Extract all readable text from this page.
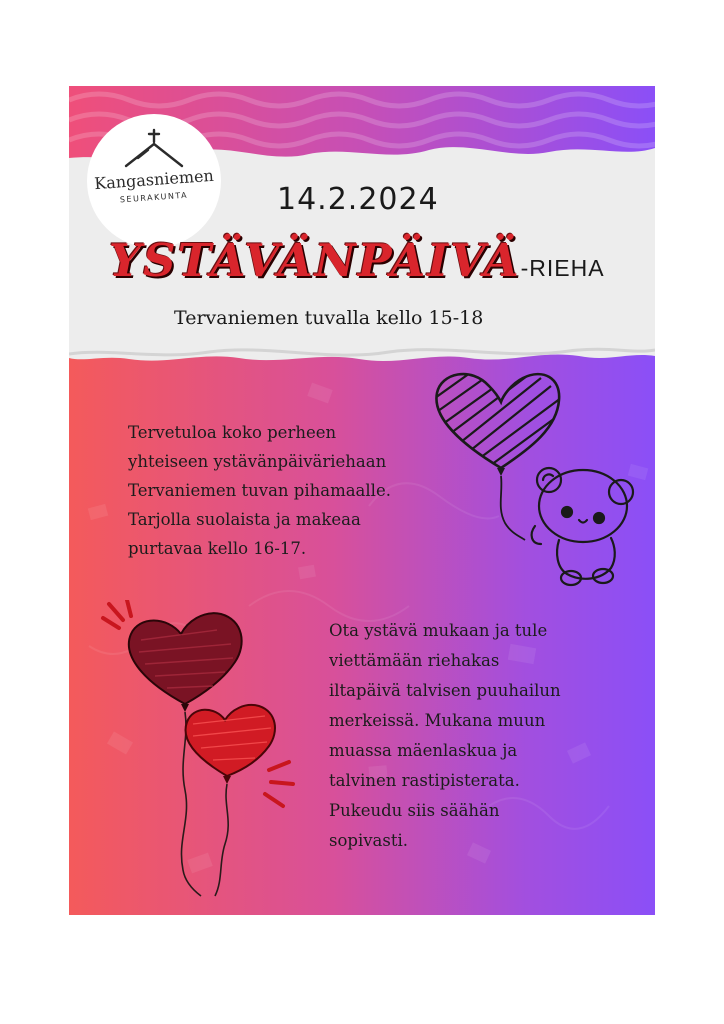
Kangasniemen
SEURAKUNTA	14.2.2024
YSTÄVÄNPÄIVÄ-RIEHA
Tervaniemen tuvalla kello 15-18
Tervetuloa koko perheen
yhteiseen ystävänpäiväriehaan
Tervaniemen tuvan pihamaalle.
Tarjolla suolaista ja makeaa
purtavaa kello 16-17.
Ota ystävä mukaan ja tule
viettämään riehakas
iltapäivä talvisen puuhailun
merkeissä. Mukana muun
muassa mäenlaskua ja
talvinen rastipisterata.
Pukeudu siis säähän
sopivasti.
